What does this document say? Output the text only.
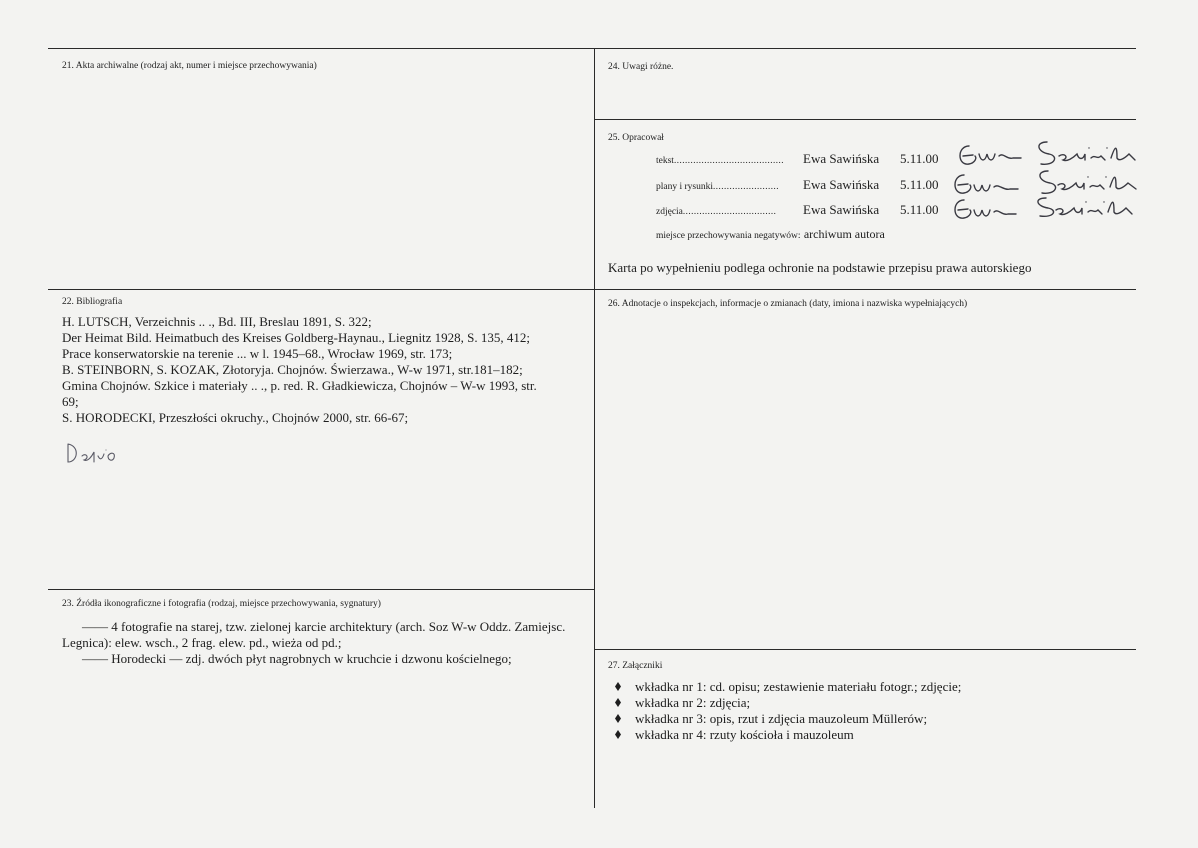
21. Akta archiwalne (rodzaj akt, numer i miejsce przechowywania)	24. Uwagi różne.
25. Opracował
tekst........................................ Ewa Sawińska 5.11.00
plany i rysunki........................ Ewa Sawińska 5.11.00
zdjęcia.................................. Ewa Sawińska 5.11.00
miejsce przechowywania negatywów: archiwum autora
Karta po wypełnieniu podlega ochronie na podstawie przepisu prawa autorskiego
22. Bibliografia
H. LUTSCH, Verzeichnis .. ., Bd. III, Breslau 1891, S. 322;
Der Heimat Bild. Heimatbuch des Kreises Goldberg-Haynau., Liegnitz 1928, S. 135, 412;
Prace konserwatorskie na terenie ... w l. 1945–68., Wrocław 1969, str. 173;
B. STEINBORN, S. KOZAK, Złotoryja. Chojnów. Świerzawa., W-w 1971, str.181–182;
Gmina Chojnów. Szkice i materiały .. ., p. red. R. Gładkiewicza, Chojnów – W-w 1993, str.
69;
S. HORODECKI, Przeszłości okruchy., Chojnów 2000, str. 66-67;
26. Adnotacje o inspekcjach, informacje o zmianach (daty, imiona i nazwiska wypełniających)
23. Źródła ikonograficzne i fotografia (rodzaj, miejsce przechowywania, sygnatury)
—— 4 fotografie na starej, tzw. zielonej karcie architektury (arch. Soz W-w Oddz. Zamiejsc.
Legnica): elew. wsch., 2 frag. elew. pd., wieża od pd.;
—— Horodecki — zdj. dwóch płyt nagrobnych w kruchcie i dzwonu kościelnego;	27. Załączniki
wkładka nr 1: cd. opisu; zestawienie materiału fotogr.; zdjęcie;
wkładka nr 2: zdjęcia;
wkładka nr 3: opis, rzut i zdjęcia mauzoleum Müllerów;
wkładka nr 4: rzuty kościoła i mauzoleum
